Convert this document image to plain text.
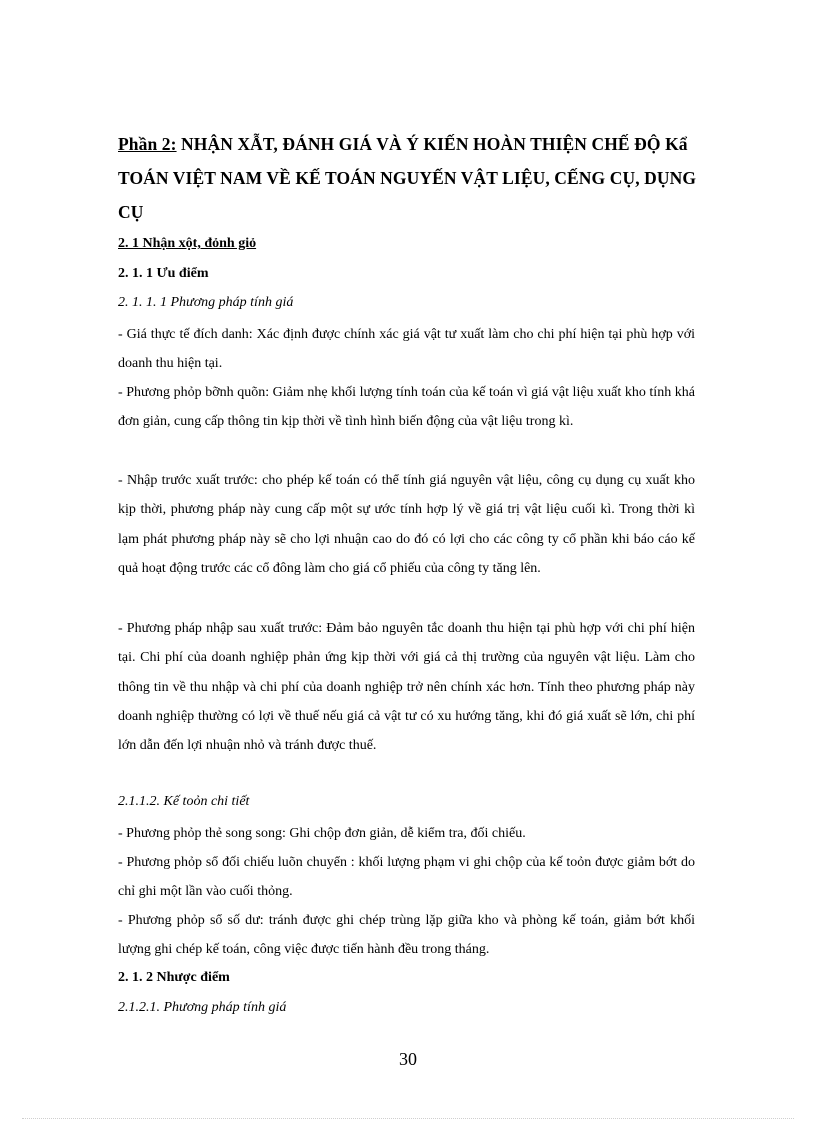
Phần 2: NHẬN XẪT, ĐÁNH GIÁ VÀ Ý KIẾN HOÀN THIỆN CHẾ ĐỘ Kẩ TOÁN VIỆT NAM VỀ KẾ TOÁN NGUYẾN VẬT LIỆU, CẾNG CỤ, DỤNG CỤ
2. 1 Nhận xột, đỏnh giỏ
2. 1. 1 Ưu điểm
2. 1. 1. 1 Phương pháp tính giá
- Giá thực tế đích danh: Xác định được chính xác giá vật tư xuất làm cho chi phí hiện tại phù hợp với doanh thu hiện tại.
- Phương phỏp bỡnh quõn: Giảm nhẹ khối lượng tính toán của kế toán vì giá vật liệu xuất kho tính khá đơn giản, cung cấp thông tin kịp thời về tình hình biến động của vật liệu trong kì.
- Nhập trước xuất trước: cho phép kế toán có thể tính giá nguyên vật liệu, công cụ dụng cụ xuất kho kịp thời, phương pháp này cung cấp một sự ước tính hợp lý về giá trị vật liệu cuối kì. Trong thời kì lạm phát phương pháp này sẽ cho lợi nhuận cao do đó có lợi cho các công ty cổ phần khi báo cáo kế quả hoạt động trước các cổ đông làm cho giá cổ phiếu của công ty tăng lên.
- Phương pháp nhập sau xuất trước: Đảm bảo nguyên tắc doanh thu hiện tại phù hợp với chi phí hiện tại. Chi phí của doanh nghiệp phản ứng kịp thời với giá cả thị trường của nguyên vật liệu. Làm cho thông tin về thu nhập và chi phí của doanh nghiệp trở nên chính xác hơn. Tính theo phương pháp này doanh nghiệp thường có lợi về thuế nếu giá cả vật tư có xu hướng tăng, khi đó giá xuất sẽ lớn, chi phí lớn dẫn đến lợi nhuận nhỏ và tránh được thuế.
2.1.1.2. Kế toỏn chi tiết
- Phương phỏp thẻ song song: Ghi chộp đơn giản, dễ kiểm tra, đối chiếu.
- Phương phỏp sổ đối chiếu luõn chuyển : khối lượng phạm vi ghi chộp của kế toỏn được giảm bớt do chỉ ghi một lần vào cuối thỏng.
- Phương phỏp sổ số dư: tránh được ghi chép trùng lặp giữa kho và phòng kế toán, giảm bớt khối lượng ghi chép kế toán, công việc được tiến hành đều trong tháng.
2. 1. 2 Nhược điểm
2.1.2.1. Phương pháp tính giá
30
